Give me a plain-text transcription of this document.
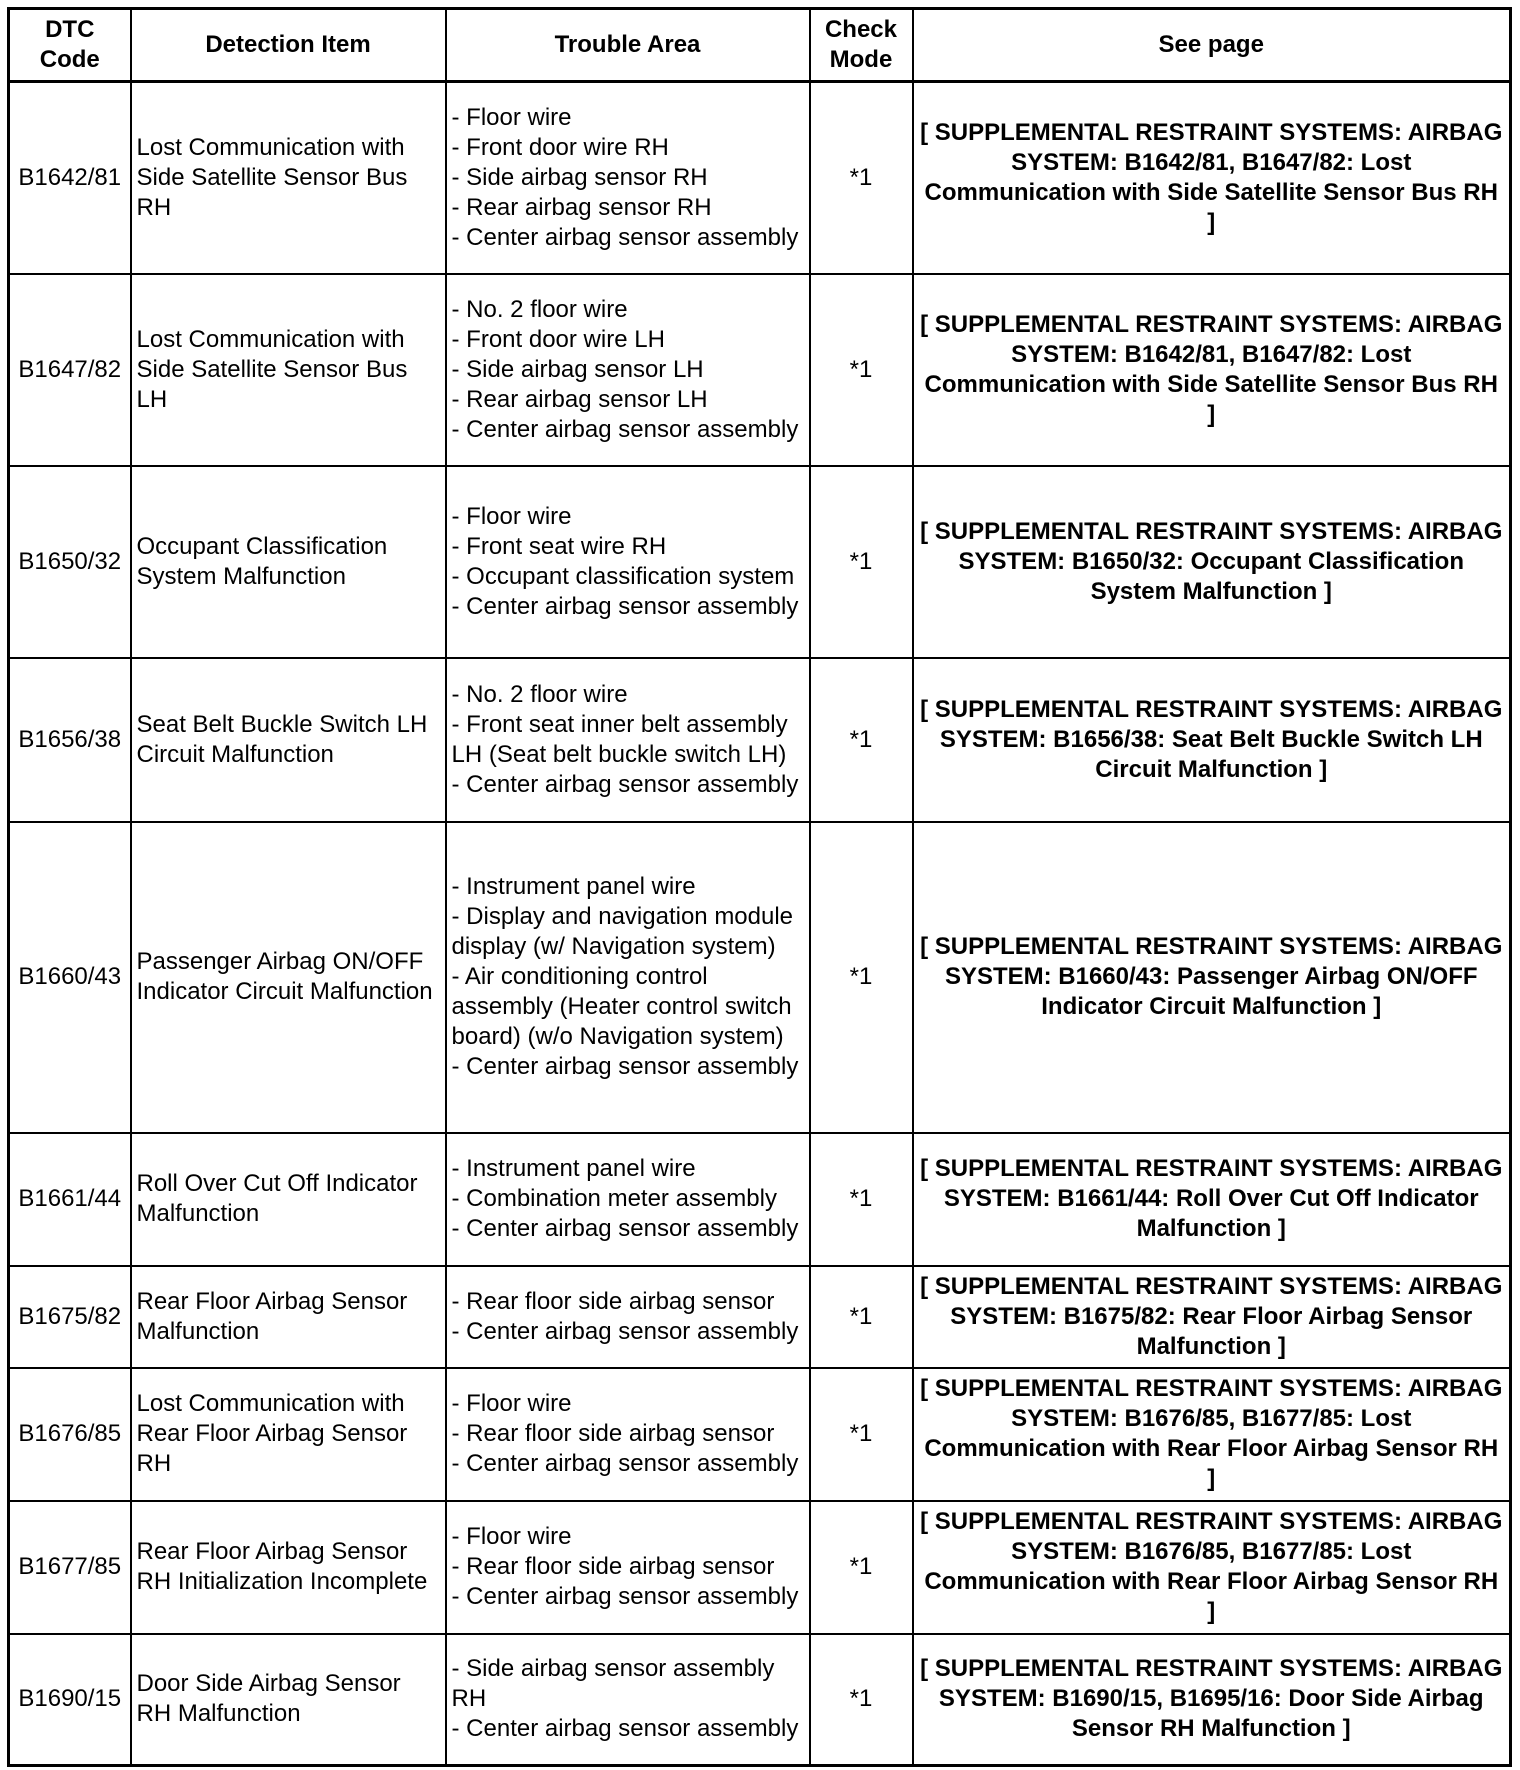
DTC Code	Detection Item	Trouble Area	Check Mode	See page
B1642/81	Lost Communication with Side Satellite Sensor Bus RH	- Floor wire
- Front door wire RH
- Side airbag sensor RH
- Rear airbag sensor RH
- Center airbag sensor assembly	*1	[ SUPPLEMENTAL RESTRAINT SYSTEMS: AIRBAG SYSTEM: B1642/81, B1647/82: Lost Communication with Side Satellite Sensor Bus RH ]
B1647/82	Lost Communication with Side Satellite Sensor Bus LH	- No. 2 floor wire
- Front door wire LH
- Side airbag sensor LH
- Rear airbag sensor LH
- Center airbag sensor assembly	*1	[ SUPPLEMENTAL RESTRAINT SYSTEMS: AIRBAG SYSTEM: B1642/81, B1647/82: Lost Communication with Side Satellite Sensor Bus RH ]
B1650/32	Occupant Classification System Malfunction	- Floor wire
- Front seat wire RH
- Occupant classification system
- Center airbag sensor assembly	*1	[ SUPPLEMENTAL RESTRAINT SYSTEMS: AIRBAG SYSTEM: B1650/32: Occupant Classification System Malfunction ]
B1656/38	Seat Belt Buckle Switch LH Circuit Malfunction	- No. 2 floor wire
- Front seat inner belt assembly LH (Seat belt buckle switch LH)
- Center airbag sensor assembly	*1	[ SUPPLEMENTAL RESTRAINT SYSTEMS: AIRBAG SYSTEM: B1656/38: Seat Belt Buckle Switch LH Circuit Malfunction ]
B1660/43	Passenger Airbag ON/OFF Indicator Circuit Malfunction	- Instrument panel wire
- Display and navigation module display (w/ Navigation system)
- Air conditioning control assembly (Heater control switch board) (w/o Navigation system)
- Center airbag sensor assembly	*1	[ SUPPLEMENTAL RESTRAINT SYSTEMS: AIRBAG SYSTEM: B1660/43: Passenger Airbag ON/OFF Indicator Circuit Malfunction ]
B1661/44	Roll Over Cut Off Indicator Malfunction	- Instrument panel wire
- Combination meter assembly
- Center airbag sensor assembly	*1	[ SUPPLEMENTAL RESTRAINT SYSTEMS: AIRBAG SYSTEM: B1661/44: Roll Over Cut Off Indicator Malfunction ]
B1675/82	Rear Floor Airbag Sensor Malfunction	- Rear floor side airbag sensor
- Center airbag sensor assembly	*1	[ SUPPLEMENTAL RESTRAINT SYSTEMS: AIRBAG SYSTEM: B1675/82: Rear Floor Airbag Sensor Malfunction ]
B1676/85	Lost Communication with Rear Floor Airbag Sensor RH	- Floor wire
- Rear floor side airbag sensor
- Center airbag sensor assembly	*1	[ SUPPLEMENTAL RESTRAINT SYSTEMS: AIRBAG SYSTEM: B1676/85, B1677/85: Lost Communication with Rear Floor Airbag Sensor RH ]
B1677/85	Rear Floor Airbag Sensor RH Initialization Incomplete	- Floor wire
- Rear floor side airbag sensor
- Center airbag sensor assembly	*1	[ SUPPLEMENTAL RESTRAINT SYSTEMS: AIRBAG SYSTEM: B1676/85, B1677/85: Lost Communication with Rear Floor Airbag Sensor RH ]
B1690/15	Door Side Airbag Sensor RH Malfunction	- Side airbag sensor assembly RH
- Center airbag sensor assembly	*1	[ SUPPLEMENTAL RESTRAINT SYSTEMS: AIRBAG SYSTEM: B1690/15, B1695/16: Door Side Airbag Sensor RH Malfunction ]
